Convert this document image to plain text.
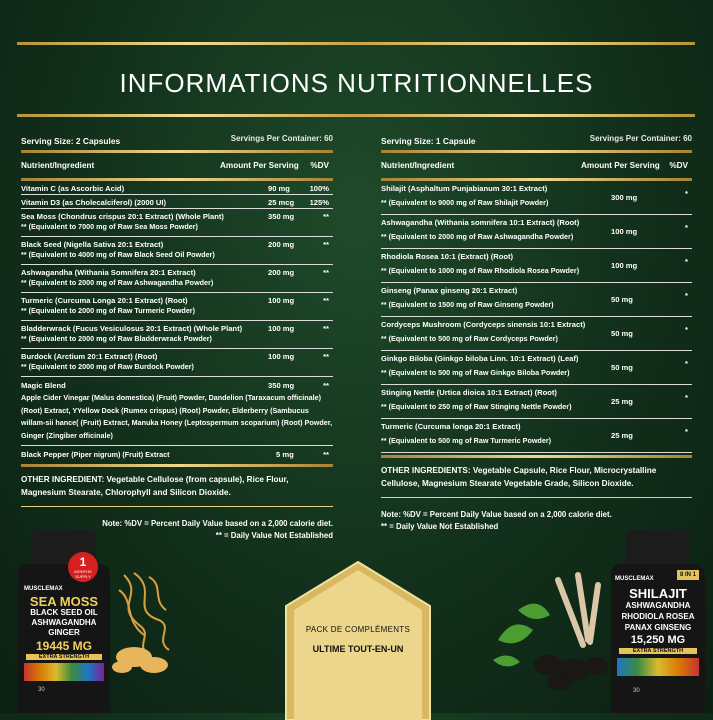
INFORMATIONS NUTRITIONNELLES
Serving Size: 2 Capsules	Servings Per Container: 60
Nutrient/Ingredient	Amount Per Serving %DV
Vitamin C (as Ascorbic Acid)	90 mg	100%
Vitamin D3 (as Cholecalciferol) (2000 UI)	25 mcg 125%
Sea Moss (Chondrus crispus 20:1 Extract) (Whole Plant)
** (Equivalent to 7000 mg of Raw Sea Moss Powder)
350 mg	**
Black Seed (Nigella Sativa 20:1 Extract)
** (Equivalent to 4000 mg of Raw Black Seed Oil Powder)
200 mg	**
Ashwagandha (Withania Somnifera 20:1 Extract)
** (Equivalent to 2000 mg of Raw Ashwagandha Powder)
200 mg	**
Turmeric (Curcuma Longa 20:1 Extract) (Root)
** (Equivalent to 2000 mg of Raw Turmeric Powder)
100 mg	**
Bladderwrack (Fucus Vesiculosus 20:1 Extract) (Whole Plant)
** (Equivalent to 2000 mg of Raw Bladderwrack Powder)
100 mg	**
Burdock (Arctium 20:1 Extract) (Root)
** (Equivalent to 2000 mg of Raw Burdock Powder)
100 mg	**
Magic Blend	350 mg	**
Apple Cider Vinegar (Malus domestica) (Fruit) Powder, Dandelion (Taraxacum officinale) (Root) Extract, YYellow Dock (Rumex crispus) (Root) Powder, Elderberry (Sambucus willam-sii hance( (Fruit) Extract, Manuka Honey (Leptospermum scoparium) (Root) Powder, Ginger (Zingiber officinale)
Black Pepper (Piper nigrum) (Fruit) Extract	5 mg	**
OTHER INGREDIENT: Vegetable Cellulose (from capsule), Rice Flour, Magnesium Stearate, Chlorophyll and Silicon Dioxide.
Note: %DV = Percent Daily Value based on a 2,000 calorie diet.
** = Daily Value Not Established
Serving Size: 1 Capsule	Servings Per Container: 60
Nutrient/Ingredient	Amount Per Serving %DV
Shilajit (Asphaltum Punjabianum 30:1 Extract)
** (Equivalent to 9000 mg of Raw Shilajit Powder)
300 mg	*
Ashwagandha (Withania somnifera 10:1 Extract) (Root)
** (Equivalent to 2000 mg of Raw Ashwagandha Powder)
100 mg	*
Rhodiola Rosea 10:1 (Extract) (Root)
** (Equivalent to 1000 mg of Raw Rhodiola Rosea Powder)
100 mg	*
Ginseng (Panax ginseng 20:1 Extract)
** (Equivalent to 1500 mg of Raw Ginseng Powder)
50 mg	*
Cordyceps Mushroom (Cordyceps sinensis 10:1 Extract)
** (Equivalent to 500 mg of Raw Cordyceps Powder)
50 mg	*
Ginkgo Biloba (Ginkgo biloba Linn. 10:1 Extract) (Leaf)
** (Equivalent to 500 mg of Raw Ginkgo Biloba Powder)
50 mg	*
Stinging Nettle (Urtica dioica 10:1 Extract) (Root)
** (Equivalent to 250 mg of Raw Stinging Nettle Powder)
25 mg	*
Turmeric (Curcuma longa 20:1 Extract)
** (Equivalent to 500 mg of Raw Turmeric Powder)
25 mg	*
OTHER INGREDIENTS: Vegetable Capsule, Rice Flour, Microcrystalline Cellulose, Magnesium Stearate Vegetable Grade, Silicon Dioxide.
Note: %DV = Percent Daily Value based on a 2,000 calorie diet.
** = Daily Value Not Established
1
MONTHS SUPPLY
MUSCLEMAX
SEA MOSS
BLACK SEED OIL
ASHWAGANDHA
GINGER
19445 MG
EXTRA STRENGTH
30
PACK DE COMPLÉMENTS
ULTIME TOUT-EN-UN
MUSCLEMAX
8 IN 1
SHILAJIT
ASHWAGANDHA
RHODIOLA ROSEA
PANAX GINSENG
15,250 MG
EXTRA STRENGTH
30
